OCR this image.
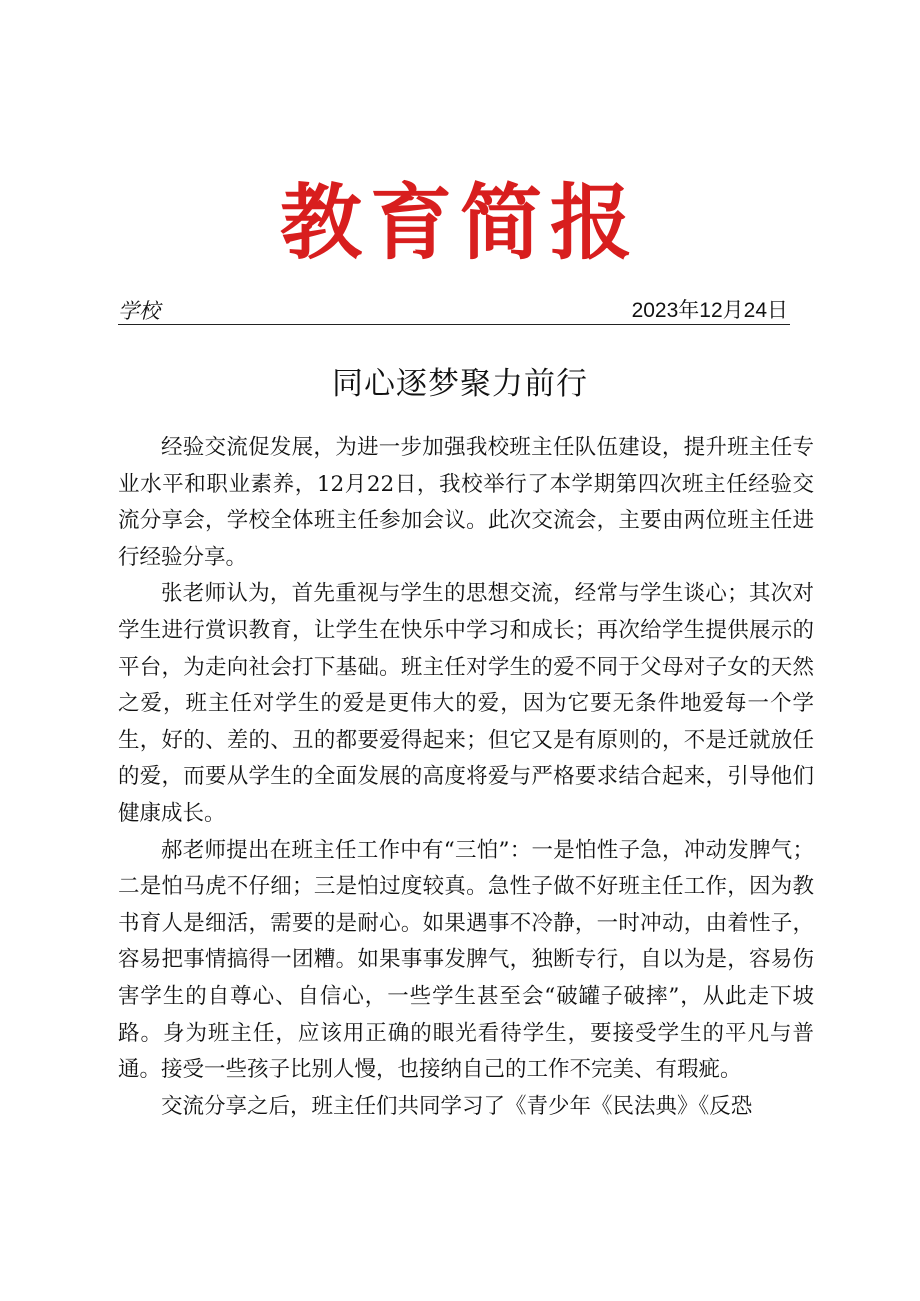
教育简报
学校	2023年12月24日
同心逐梦聚力前行

经验交流促发展，为进一步加强我校班主任队伍建设，提升班主任专业水平和职业素养，12月22日，我校举行了本学期第四次班主任经验交流分享会，学校全体班主任参加会议。此次交流会，主要由两位班主任进行经验分享。

张老师认为，首先重视与学生的思想交流，经常与学生谈心；其次对学生进行赏识教育，让学生在快乐中学习和成长；再次给学生提供展示的平台，为走向社会打下基础。班主任对学生的爱不同于父母对子女的天然之爱，班主任对学生的爱是更伟大的爱，因为它要无条件地爱每一个学生，好的、差的、丑的都要爱得起来；但它又是有原则的，不是迁就放任的爱，而要从学生的全面发展的高度将爱与严格要求结合起来，引导他们健康成长。

郝老师提出在班主任工作中有“三怕”：一是怕性子急，冲动发脾气；二是怕马虎不仔细；三是怕过度较真。急性子做不好班主任工作，因为教书育人是细活，需要的是耐心。如果遇事不冷静，一时冲动，由着性子，容易把事情搞得一团糟。如果事事发脾气，独断专行，自以为是，容易伤害学生的自尊心、自信心，一些学生甚至会“破罐子破摔”，从此走下坡路。身为班主任，应该用正确的眼光看待学生，要接受学生的平凡与普通。接受一些孩子比别人慢，也接纳自己的工作不完美、有瑕疵。

交流分享之后，班主任们共同学习了《青少年《民法典》《反恐
